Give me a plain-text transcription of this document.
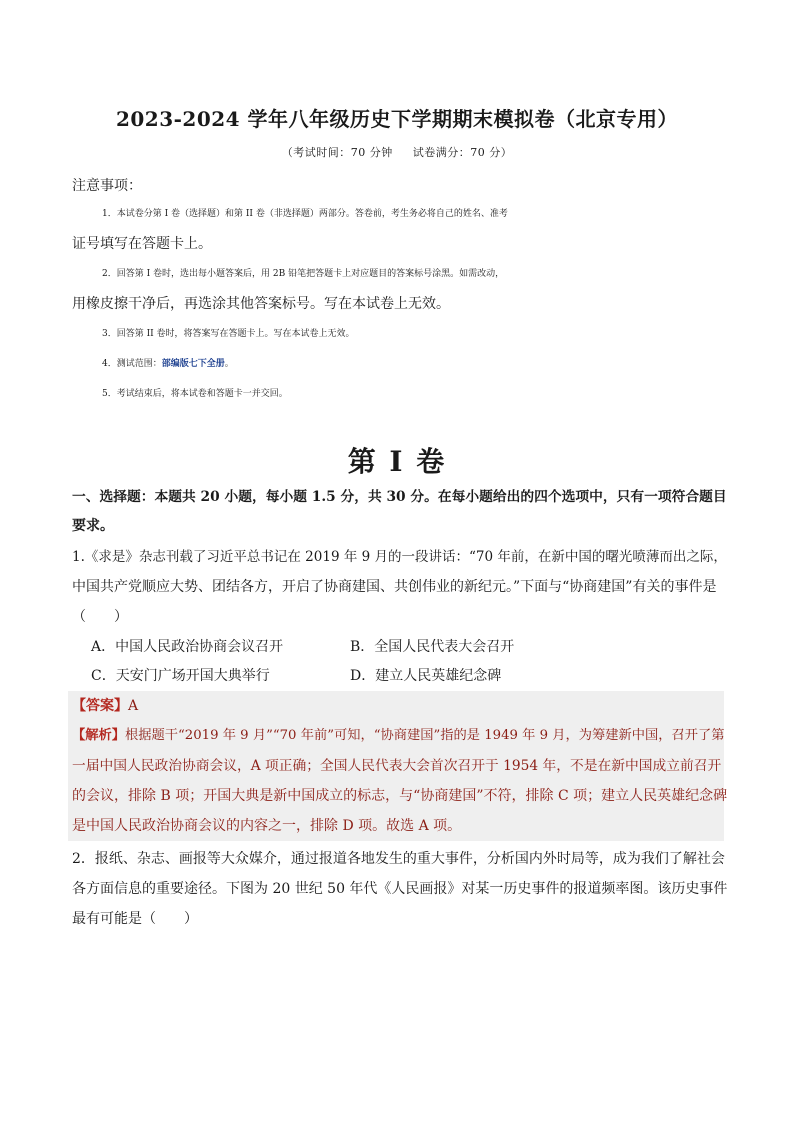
2023-2024 学年八年级历史下学期期末模拟卷（北京专用）
（考试时间：70 分钟 试卷满分：70 分）
注意事项：
1．本试卷分第 I 卷（选择题）和第 II 卷（非选择题）两部分。答卷前，考生务必将自己的姓名、准考
证号填写在答题卡上。
2．回答第 I 卷时，选出每小题答案后，用 2B 铅笔把答题卡上对应题目的答案标号涂黑。如需改动，
用橡皮擦干净后，再选涂其他答案标号。写在本试卷上无效。
3．回答第 II 卷时，将答案写在答题卡上。写在本试卷上无效。
4．测试范围：部编版七下全册。
5．考试结束后，将本试卷和答题卡一并交回。
第 I 卷
一、选择题：本题共 20 小题，每小题 1.5 分，共 30 分。在每小题给出的四个选项中，只有一项符合题目
要求。
1.《求是》杂志刊载了习近平总书记在 2019 年 9 月的一段讲话：“70 年前，在新中国的曙光喷薄而出之际，
中国共产党顺应大势、团结各方，开启了协商建国、共创伟业的新纪元。”下面与“协商建国”有关的事件是
（　　）
A．中国人民政治协商会议召开	B．全国人民代表大会召开
C．天安门广场开国大典举行	D．建立人民英雄纪念碑
【答案】A
【解析】根据题干“2019 年 9 月”“70 年前”可知，“协商建国”指的是 1949 年 9 月，为筹建新中国，召开了第
一届中国人民政治协商会议，A 项正确；全国人民代表大会首次召开于 1954 年，不是在新中国成立前召开
的会议，排除 B 项；开国大典是新中国成立的标志，与“协商建国”不符，排除 C 项；建立人民英雄纪念碑
是中国人民政治协商会议的内容之一，排除 D 项。故选 A 项。
2．报纸、杂志、画报等大众媒介，通过报道各地发生的重大事件，分析国内外时局等，成为我们了解社会
各方面信息的重要途径。下图为 20 世纪 50 年代《人民画报》对某一历史事件的报道频率图。该历史事件
最有可能是（　　）
